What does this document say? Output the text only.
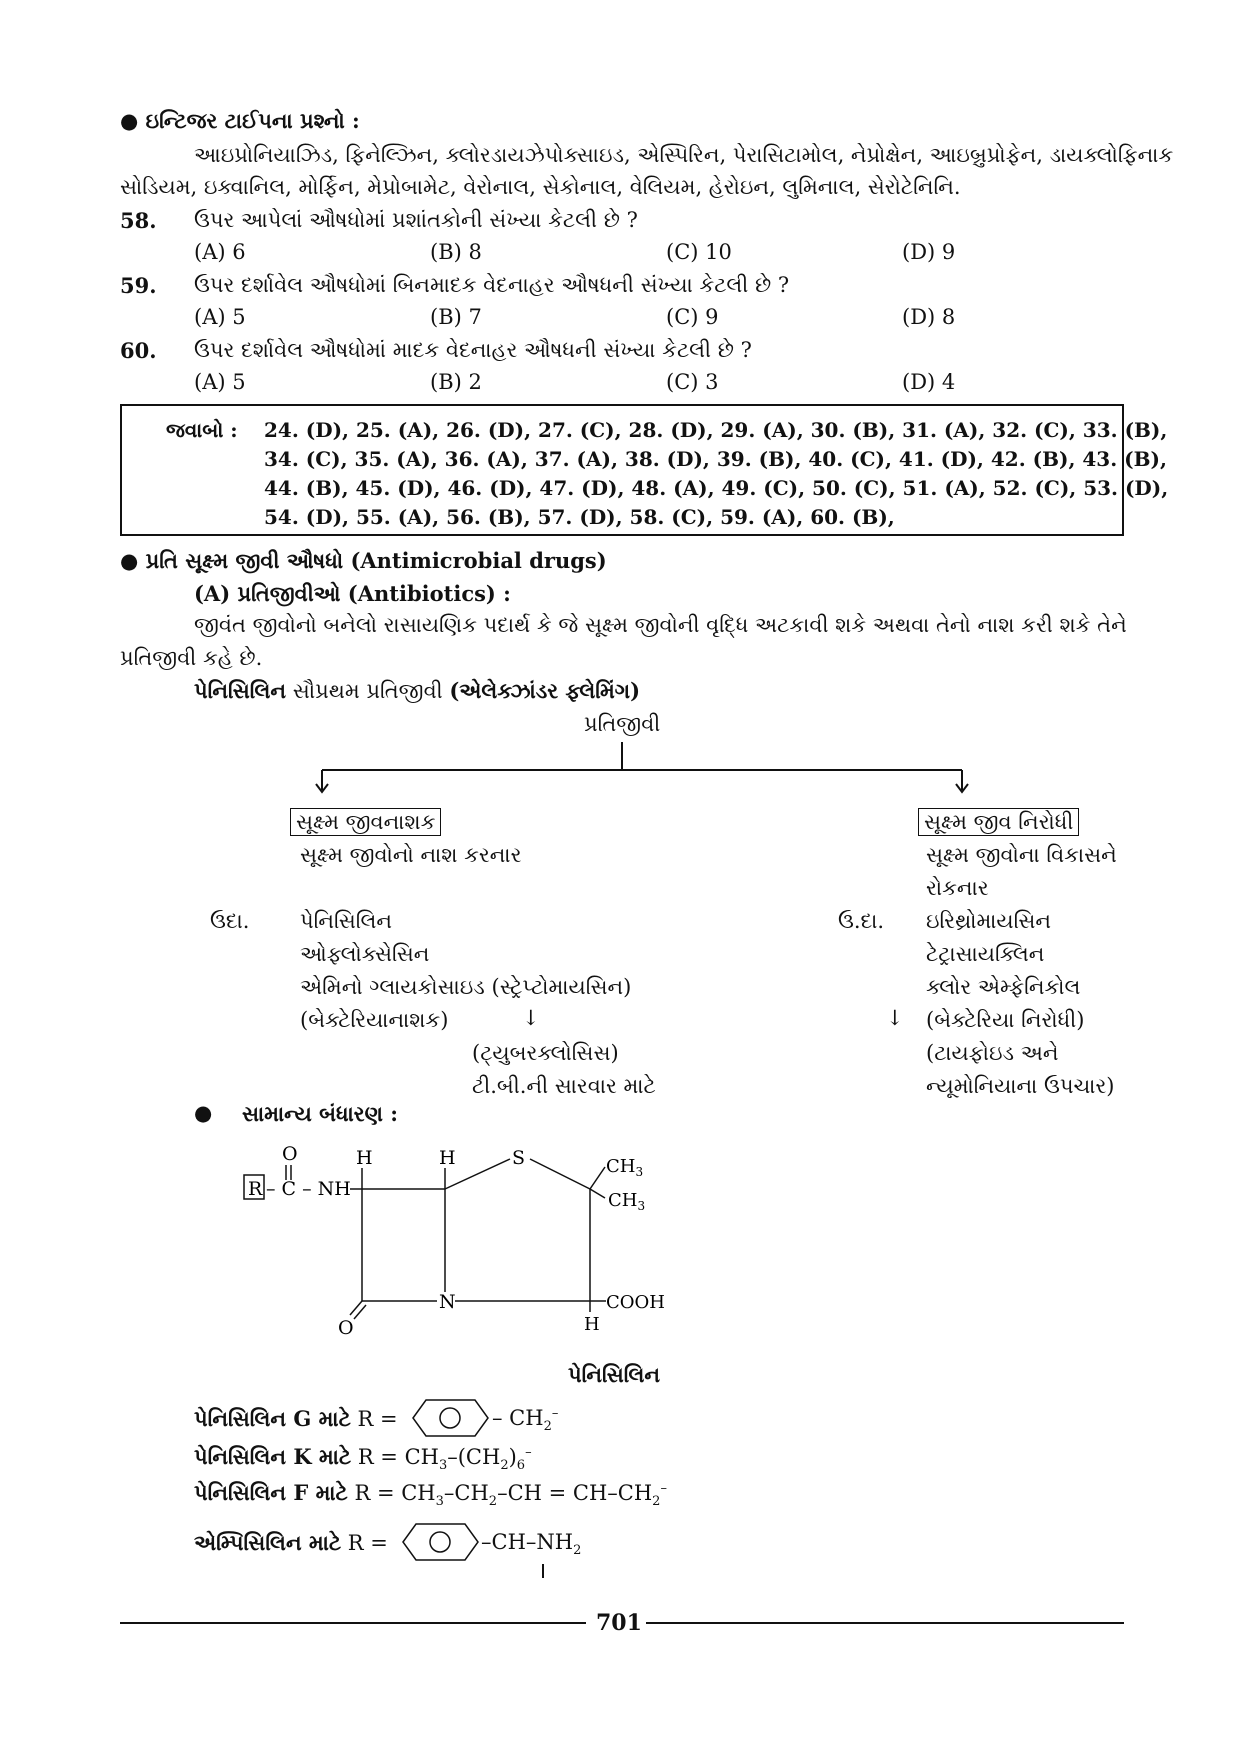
● ઇન્ટિજર ટાઈપના પ્રશ્નો :
આઇપ્રોનિયાઝિડ, ફિનેલ્ઝિન, ક્લોરડાયઝેપોક્સાઇડ, એસ્પિરિન, પેરાસિટામોલ, નેપ્રોક્ષેન, આઇબ્રુપ્રોફેન, ડાયક્લોફિનાક
સોડિયમ, ઇક્વાનિલ, મોર્ફિન, મેપ્રોબામેટ, વેરોનાલ, સેકોનાલ, વેલિયમ, હેરોઇન, લુમિનાલ, સેરોટેનિનિ.
58. ઉપર આપેલાં ઔષધોમાં પ્રશાંતકોની સંખ્યા કેટલી છે ?
(A) 6	(B) 8	(C) 10	(D) 9
59. ઉપર દર્શાવેલ ઔષધોમાં બિનમાદક વેદનાહર ઔષધની સંખ્યા કેટલી છે ?
(A) 5	(B) 7	(C) 9	(D) 8
60. ઉપર દર્શાવેલ ઔષધોમાં માદક વેદનાહર ઔષધની સંખ્યા કેટલી છે ?
(A) 5	(B) 2	(C) 3	(D) 4
જવાબો : 24. (D), 25. (A), 26. (D), 27. (C), 28. (D), 29. (A), 30. (B), 31. (A), 32. (C), 33. (B),
34. (C), 35. (A), 36. (A), 37. (A), 38. (D), 39. (B), 40. (C), 41. (D), 42. (B), 43. (B),
44. (B), 45. (D), 46. (D), 47. (D), 48. (A), 49. (C), 50. (C), 51. (A), 52. (C), 53. (D),
54. (D), 55. (A), 56. (B), 57. (D), 58. (C), 59. (A), 60. (B),
● પ્રતિ સૂક્ષ્મ જીવી ઔષધો (Antimicrobial drugs)
(A) પ્રતિજીવીઓ (Antibiotics) :
જીવંત જીવોનો બનેલો રાસાયણિક પદાર્થ કે જે સૂક્ષ્મ જીવોની વૃદ્ધિ અટકાવી શકે અથવા તેનો નાશ કરી શકે તેને
પ્રતિજીવી કહે છે.
પેનિસિલિન સૌપ્રથમ પ્રતિજીવી (એલેક્ઝાંડર ફ્લેમિંગ)
પ્રતિજીવી
સૂક્ષ્મ જીવનાશક
સૂક્ષ્મ જીવોનો નાશ કરનાર
ઉદા. પેનિસિલિન
ઓફ્લોક્સેસિન
એમિનો ગ્લાયકોસાઇડ (સ્ટ્રેપ્ટોમાયસિન)
(બેક્ટેરિયાનાશક)	↓
(ટ્યુબરક્લોસિસ)
ટી.બી.ની સારવાર માટે
સૂક્ષ્મ જીવ નિરોધી
સૂક્ષ્મ જીવોના વિકાસને
રોકનાર
ઉ.દા. ઇરિથ્રોમાયસિન
ટેટ્રાસાયક્લિન
ક્લોર એમ્ફેનિકોલ
↓ (બેક્ટેરિયા નિરોધી)
(ટાયફોઇડ અને
ન્યૂમોનિયાના ઉપચાર)
● સામાન્ય બંધારણ :
R – C – NH
O	H	H	S	$CH_3$
$CH_3$
N	COOH
H
O
પેનિસિલિન
પેનિસિલિન G માટે R =	– $CH_2^-$
પેનિસિલિન K માટે $R = CH_3-(CH_2)_6^-$
પેનિસિલિન F માટે $R = CH_3-CH_2-CH = CH-CH_2^-$
એમ્પિસિલિન માટે R =	$-CH-NH_2$
701
